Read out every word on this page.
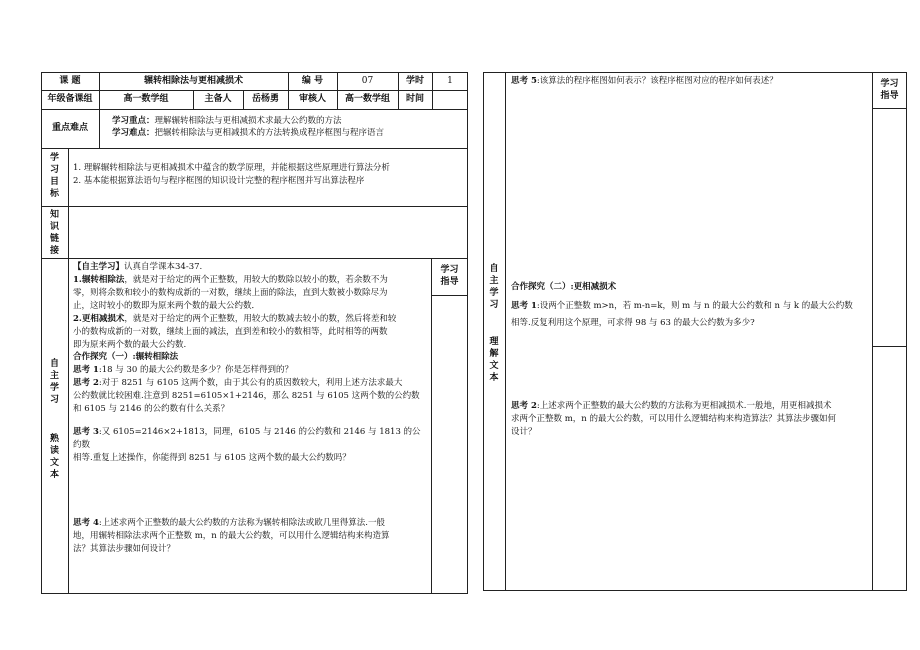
课 题	辗转相除法与更相减损术	编 号	07	学时	1
年级备课组	高一数学组	主备人	岳杨勇	审核人	高一数学组	时间
重点难点
学习重点：理解辗转相除法与更相减损术求最大公约数的方法
学习难点：把辗转相除法与更相减损术的方法转换成程序框图与程序语言
学
习
目
标
1. 理解辗转相除法与更相减损术中蕴含的数学原理，并能根据这些原理进行算法分析
2. 基本能根据算法语句与程序框图的知识设计完整的程序框图并写出算法程序
知
识
链
接
自
主
学
习
熟
读
文
本
学习
指导
【自主学习】认真自学课本34-37.
1.辗转相除法，就是对于给定的两个正整数，用较大的数除以较小的数，若余数不为
零，则将余数和较小的数构成新的一对数，继续上面的除法，直到大数被小数除尽为
止，这时较小的数即为原来两个数的最大公约数．
2.更相减损术，就是对于给定的两个正整数，用较大的数减去较小的数，然后将差和较
小的数构成新的一对数，继续上面的减法，直到差和较小的数相等，此时相等的两数
即为原来两个数的最大公约数.
合作探究（一）:辗转相除法
思考 1:18 与 30 的最大公约数是多少？你是怎样得到的？
思考 2:对于 8251 与 6105 这两个数，由于其公有的质因数较大，利用上述方法求最大
公约数就比较困难.注意到 8251=6105×1+2146，那么 8251 与 6105 这两个数的公约数
和 6105 与 2146 的公约数有什么关系？
思考 3:又 6105=2146×2+1813，同理，6105 与 2146 的公约数和 2146 与 1813 的公约数
相等.重复上述操作，你能得到 8251 与 6105 这两个数的最大公约数吗？
思考 4:上述求两个正整数的最大公约数的方法称为辗转相除法或欧几里得算法.一般
地，用辗转相除法求两个正整数 m，n 的最大公约数，可以用什么逻辑结构来构造算
法？其算法步骤如何设计？
自
主
学
习
理
解
文
本
学习
指导
思考 5:该算法的程序框图如何表示？该程序框图对应的程序如何表述？
合作探究（二）:更相减损术
思考 1:设两个正整数 m>n，若 m-n=k，则 m 与 n 的最大公约数和 n 与 k 的最大公约数
相等.反复利用这个原理，可求得 98 与 63 的最大公约数为多少?
思考 2:上述求两个正整数的最大公约数的方法称为更相减损术.一般地，用更相减损术
求两个正整数 m，n 的最大公约数，可以用什么逻辑结构来构造算法？其算法步骤如何
设计？
